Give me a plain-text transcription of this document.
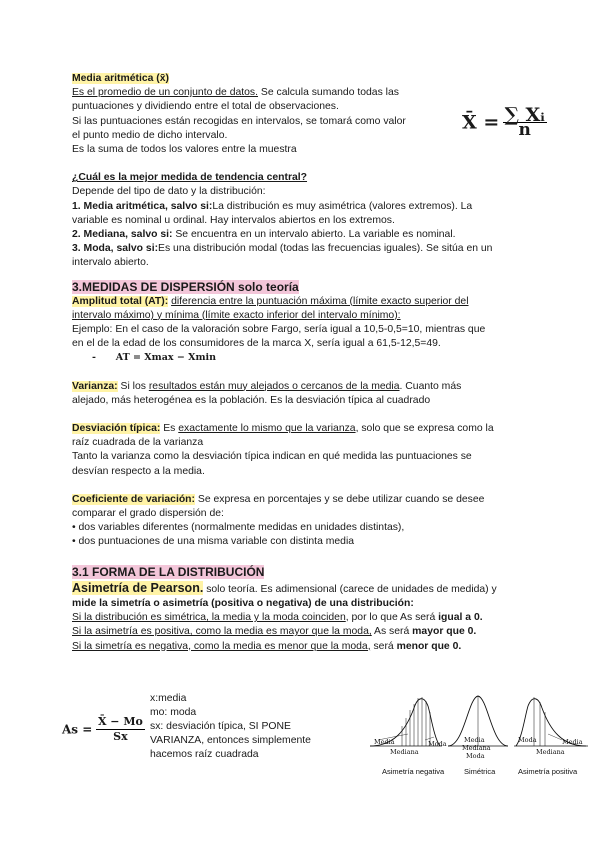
Media aritmética (x̄)

Es el promedio de un conjunto de datos. Se calcula sumando todas las

puntuaciones y dividiendo entre el total de observaciones.

Si las puntuaciones están recogidas en intervalos, se tomará como valor

el punto medio de dicho intervalo.

Es la suma de todos los valores entre la muestra

¿Cuál es la mejor medida de tendencia central?

Depende del tipo de dato y la distribución:

1. Media aritmética, salvo si:La distribución es muy asimétrica (valores extremos). La

variable es nominal u ordinal. Hay intervalos abiertos en los extremos.

2. Mediana, salvo si: Se encuentra en un intervalo abierto. La variable es nominal.

3. Moda, salvo si:Es una distribución modal (todas las frecuencias iguales). Se sitúa en un

intervalo abierto.

3.MEDIDAS DE DISPERSIÓN solo teoría

Amplitud total (AT): diferencia entre la puntuación máxima (límite exacto superior del

intervalo máximo) y mínima (límite exacto inferior del intervalo mínimo):

Ejemplo: En el caso de la valoración sobre Fargo, sería igual a 10,5-0,5=10, mientras que

en el de la edad de los consumidores de la marca X, sería igual a 61,5-12,5=49.

-      AT = Xmax − Xmin

Varianza: Si los resultados están muy alejados o cercanos de la media. Cuanto más

alejado, más heterogénea es la población. Es la desviación típica al cuadrado

Desviación típica: Es exactamente lo mismo que la varianza, solo que se expresa como la

raíz cuadrada de la varianza

Tanto la varianza como la desviación típica indican en qué medida las puntuaciones se

desvían respecto a la media.

Coeficiente de variación: Se expresa en porcentajes y se debe utilizar cuando se desee

comparar el grado dispersión de:

• dos variables diferentes (normalmente medidas en unidades distintas),

• dos puntuaciones de una misma variable con distinta media

3.1 FORMA DE LA DISTRIBUCIÓN

Asimetría de Pearson. solo teoría. Es adimensional (carece de unidades de medida) y

mide la simetría o asimetría (positiva o negativa) de una distribución:

Si la distribución es simétrica, la media y la moda coinciden, por lo que As será igual a 0.

Si la asimetría es positiva, como la media es mayor que la moda, As será mayor que 0.

Si la simetría es negativa, como la media es menor que la moda, será menor que 0.

X̄ = $\frac{\text{∑ Xᵢ}}{n}$
$As = \frac{X̄ - Mo}{Sx}$

x:media

mo: moda

sx: desviación típica, SI PONE

VARIANZA, entonces simplemente

hacemos raíz cuadrada

Media	Moda
Mediana
Asimetría negativa
Media
Mediana
Moda
Simétrica
Moda	Media
Mediana
Asimetría positiva
